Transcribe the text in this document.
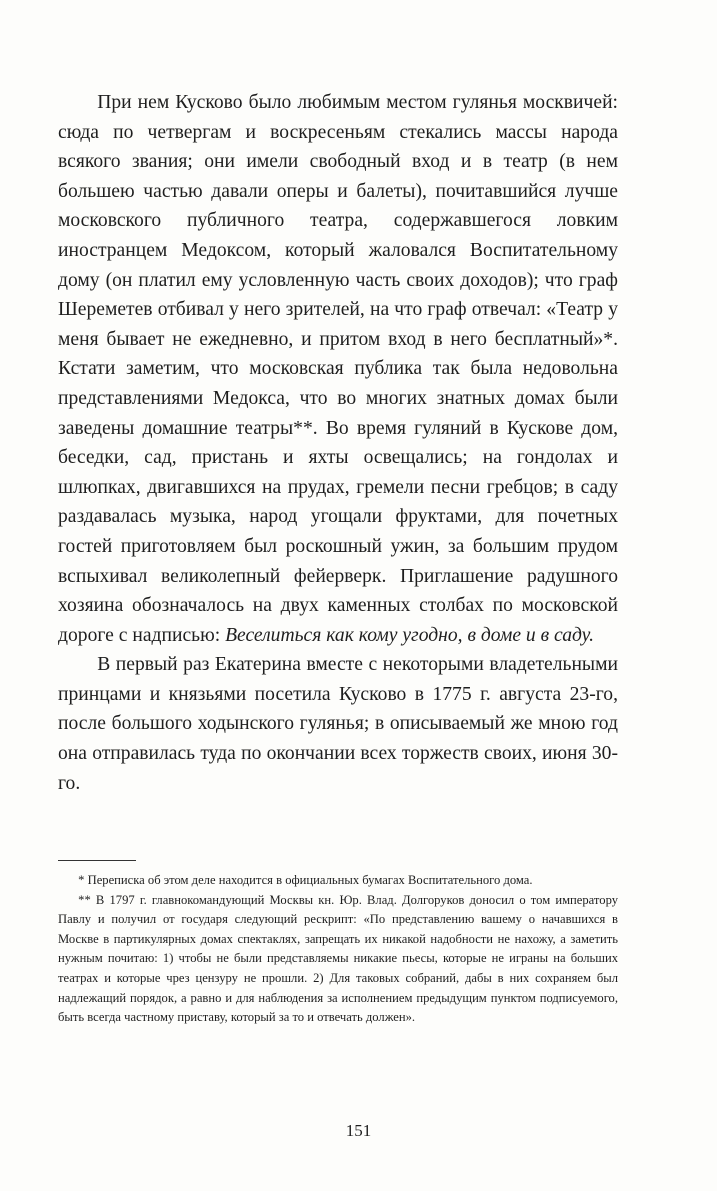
При нем Кусково было любимым местом гулянья москвичей: сюда по четвергам и воскресеньям стекались массы народа всякого звания; они имели свободный вход и в театр (в нем большею частью давали оперы и балеты), почитавшийся лучше московского публичного театра, содержавшегося ловким иностранцем Медоксом, который жаловался Воспитательному дому (он платил ему условленную часть своих доходов); что граф Шереметев отбивал у него зрителей, на что граф отвечал: «Театр у меня бывает не ежедневно, и притом вход в него бесплатный»*. Кстати заметим, что московская публика так была недовольна представлениями Медокса, что во многих знатных домах были заведены домашние театры**. Во время гуляний в Кускове дом, беседки, сад, пристань и яхты освещались; на гондолах и шлюпках, двигавшихся на прудах, гремели песни гребцов; в саду раздавалась музыка, народ угощали фруктами, для почетных гостей приготовляем был роскошный ужин, за большим прудом вспыхивал великолепный фейерверк. Приглашение радушного хозяина обозначалось на двух каменных столбах по московской дороге с надписью: Веселиться как кому угодно, в доме и в саду.

В первый раз Екатерина вместе с некоторыми владетельными принцами и князьями посетила Кусково в 1775 г. августа 23-го, после большого ходынского гулянья; в описываемый же мною год она отправилась туда по окончании всех торжеств своих, июня 30-го.

* Переписка об этом деле находится в официальных бумагах Воспитательного дома.

** В 1797 г. главнокомандующий Москвы кн. Юр. Влад. Долгоруков доносил о том императору Павлу и получил от государя следующий рескрипт: «По представлению вашему о начавшихся в Москве в партикулярных домах спектаклях, запрещать их никакой надобности не нахожу, а заметить нужным почитаю: 1) чтобы не были представляемы никакие пьесы, которые не играны на больших театрах и которые чрез цензуру не прошли. 2) Для таковых собраний, дабы в них сохраняем был надлежащий порядок, а равно и для наблюдения за исполнением предыдущим пунктом подписуемого, быть всегда частному приставу, который за то и отвечать должен».

151
